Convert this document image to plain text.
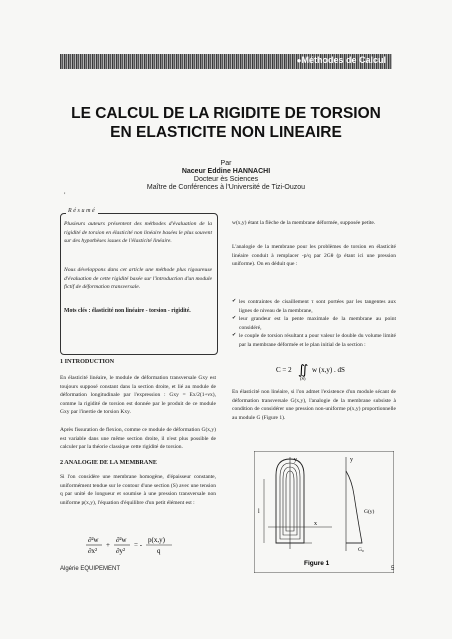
● Méthodes de Calcul
LE CALCUL DE LA RIGIDITE DE TORSION
EN ELASTICITE NON LINEAIRE
Par
Naceur Eddine HANNACHI
Docteur ès Sciences
Maître de Conférences à l'Université de Tizi-Ouzou
,
Résumé
Plusieurs auteurs présentent des méthodes d'évaluation de la rigidité de torsion en élasticité non linéaire basées le plus souvent sur des hypothèses issues de l'élasticité linéaire.
Nous développons dans cet article une méthode plus rigoureuse d'évaluation de cette rigidité basée sur l'introduction d'un module fictif de déformation transversale.
Mots clés : élasticité non linéaire - torsion - rigidité.
1 INTRODUCTION
En élasticité linéaire, le module de déformation transversale Gxy est toujours supposé constant dans la section droite, et lié au module de déformation longitudinale par l'expression : Gxy = Ex/2(1+νx), comme la rigidité de torsion est donnée par le produit de ce module Gxy par l'inertie de torsion Kxy.
Après fissuration de flexion, comme ce module de déformation G(x,y) est variable dans une même section droite, il n'est plus possible de calculer par la théorie classique cette rigidité de torsion.
2 ANALOGIE DE LA MEMBRANE
Si l'on considère une membrane homogène, d'épaisseur constante, uniformément tendue sur le contour d'une section (S) avec une tension q par unité de longueur et soumise à une pression transversale non uniforme p(x,y), l'équation d'équilibre d'un petit élément est :
∂²w
∂x²
+
∂²w
∂y²
= -
p(x,y)
q
w(x,y) étant la flèche de la membrane déformée, supposée petite.
L'analogie de la membrane pour les problèmes de torsion en élasticité linéaire conduit à remplacer -p/q par 2Gθ (p étant ici une pression uniforme). On en déduit que :
✔ les contraintes de cisaillement τ sont portées par les tangentes aux lignes de niveau de la membrane,
✔ leur grandeur est la pente maximale de la membrane au point considéré,
✔ le couple de torsion résultant a pour valeur le double du volume limité par la membrane déformée et le plan initial de la section :
C = 2 ∬ w (x,y) . dS
(S)
En élasticité non linéaire, si l'on admet l'existence d'un module sécant de déformation transversale G(x,y), l'analogie de la membrane subsiste à condition de considérer une pression non-uniforme p(x,y) proportionnelle au module G (Figure 1).
y
x
l
y
G(y)
G₀
Figure 1
Algérie EQUIPEMENT	5
